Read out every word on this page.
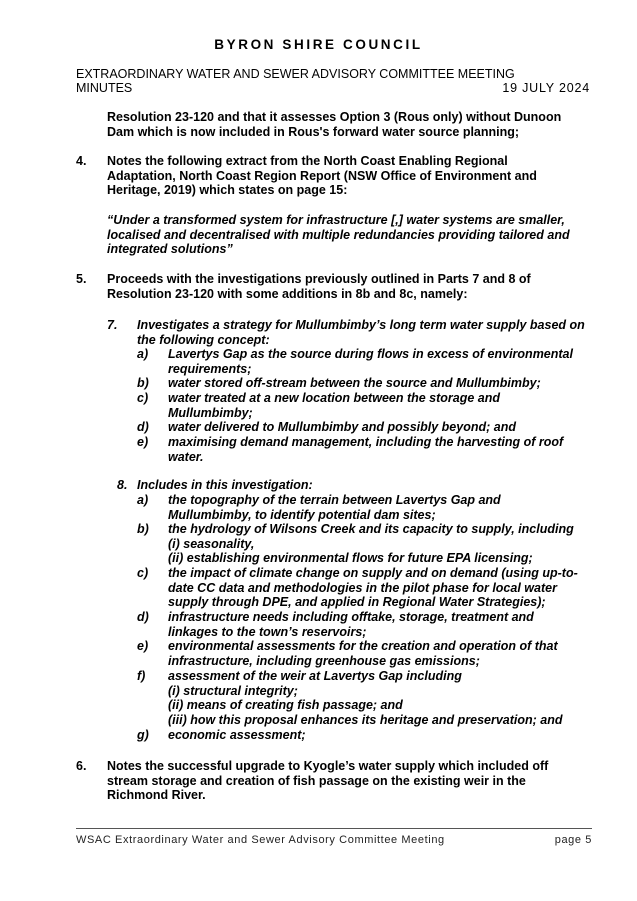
BYRON SHIRE COUNCIL
EXTRAORDINARY WATER AND SEWER ADVISORY COMMITTEE MEETING
MINUTES	19 JULY 2024
Resolution 23-120 and that it assesses Option 3 (Rous only) without Dunoon Dam which is now included in Rous's forward water source planning;
4. Notes the following extract from the North Coast Enabling Regional Adaptation, North Coast Region Report (NSW Office of Environment and Heritage, 2019) which states on page 15:
“Under a transformed system for infrastructure [,] water systems are smaller, localised and decentralised with multiple redundancies providing tailored and integrated solutions”
5. Proceeds with the investigations previously outlined in Parts 7 and 8 of Resolution 23-120 with some additions in 8b and 8c, namely:
7. Investigates a strategy for Mullumbimby’s long term water supply based on the following concept:
a) Lavertys Gap as the source during flows in excess of environmental requirements;
b) water stored off-stream between the source and Mullumbimby;
c) water treated at a new location between the storage and Mullumbimby;
d) water delivered to Mullumbimby and possibly beyond; and
e) maximising demand management, including the harvesting of roof water.
8. Includes in this investigation:
a) the topography of the terrain between Lavertys Gap and
Mullumbimby, to identify potential dam sites;
b) the hydrology of Wilsons Creek and its capacity to supply, including
(i) seasonality,
(ii) establishing environmental flows for future EPA licensing;
c) the impact of climate change on supply and on demand (using up-to-
date CC data and methodologies in the pilot phase for local water
supply through DPE, and applied in Regional Water Strategies);
d) infrastructure needs including offtake, storage, treatment and
linkages to the town’s reservoirs;
e) environmental assessments for the creation and operation of that
infrastructure, including greenhouse gas emissions;
f) assessment of the weir at Lavertys Gap including
(i) structural integrity;
(ii) means of creating fish passage; and
(iii) how this proposal enhances its heritage and preservation; and
g) economic assessment;
6. Notes the successful upgrade to Kyogle’s water supply which included off stream storage and creation of fish passage on the existing weir in the Richmond River.
WSAC Extraordinary Water and Sewer Advisory Committee Meeting	page 5
